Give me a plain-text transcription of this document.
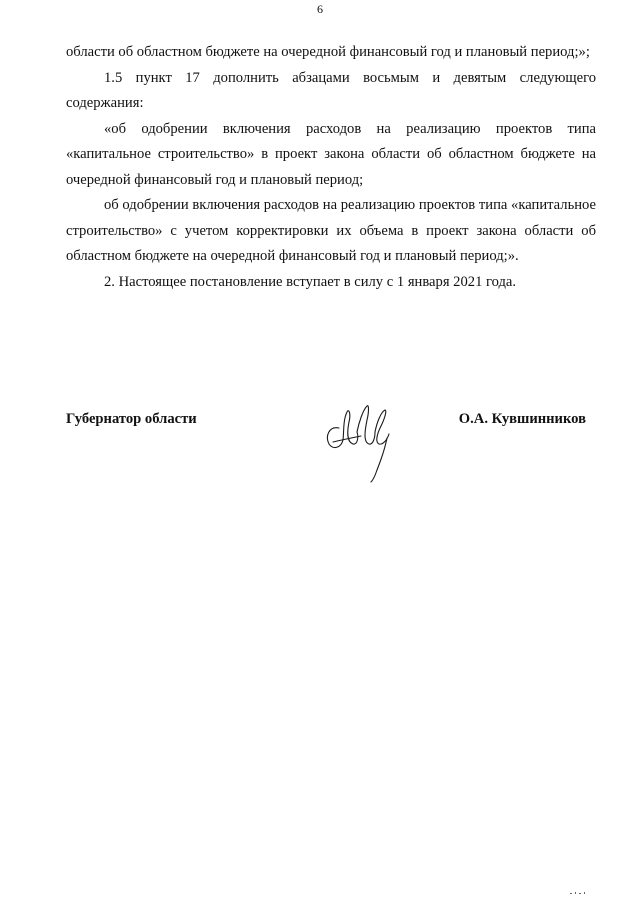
6

области об областном бюджете на очередной финансовый год и плановый период;»;

1.5 пункт 17 дополнить абзацами восьмым и девятым следующего содержания:

«об одобрении включения расходов на реализацию проектов типа «капитальное строительство» в проект закона области об областном бюджете на очередной финансовый год и плановый период;

об одобрении включения расходов на реализацию проектов типа «капитальное строительство» с учетом корректировки их объема в проект закона области об областном бюджете на очередной финансовый год и плановый период;».

2. Настоящее постановление вступает в силу с 1 января 2021 года.

Губернатор области	О.А. Кувшинников
